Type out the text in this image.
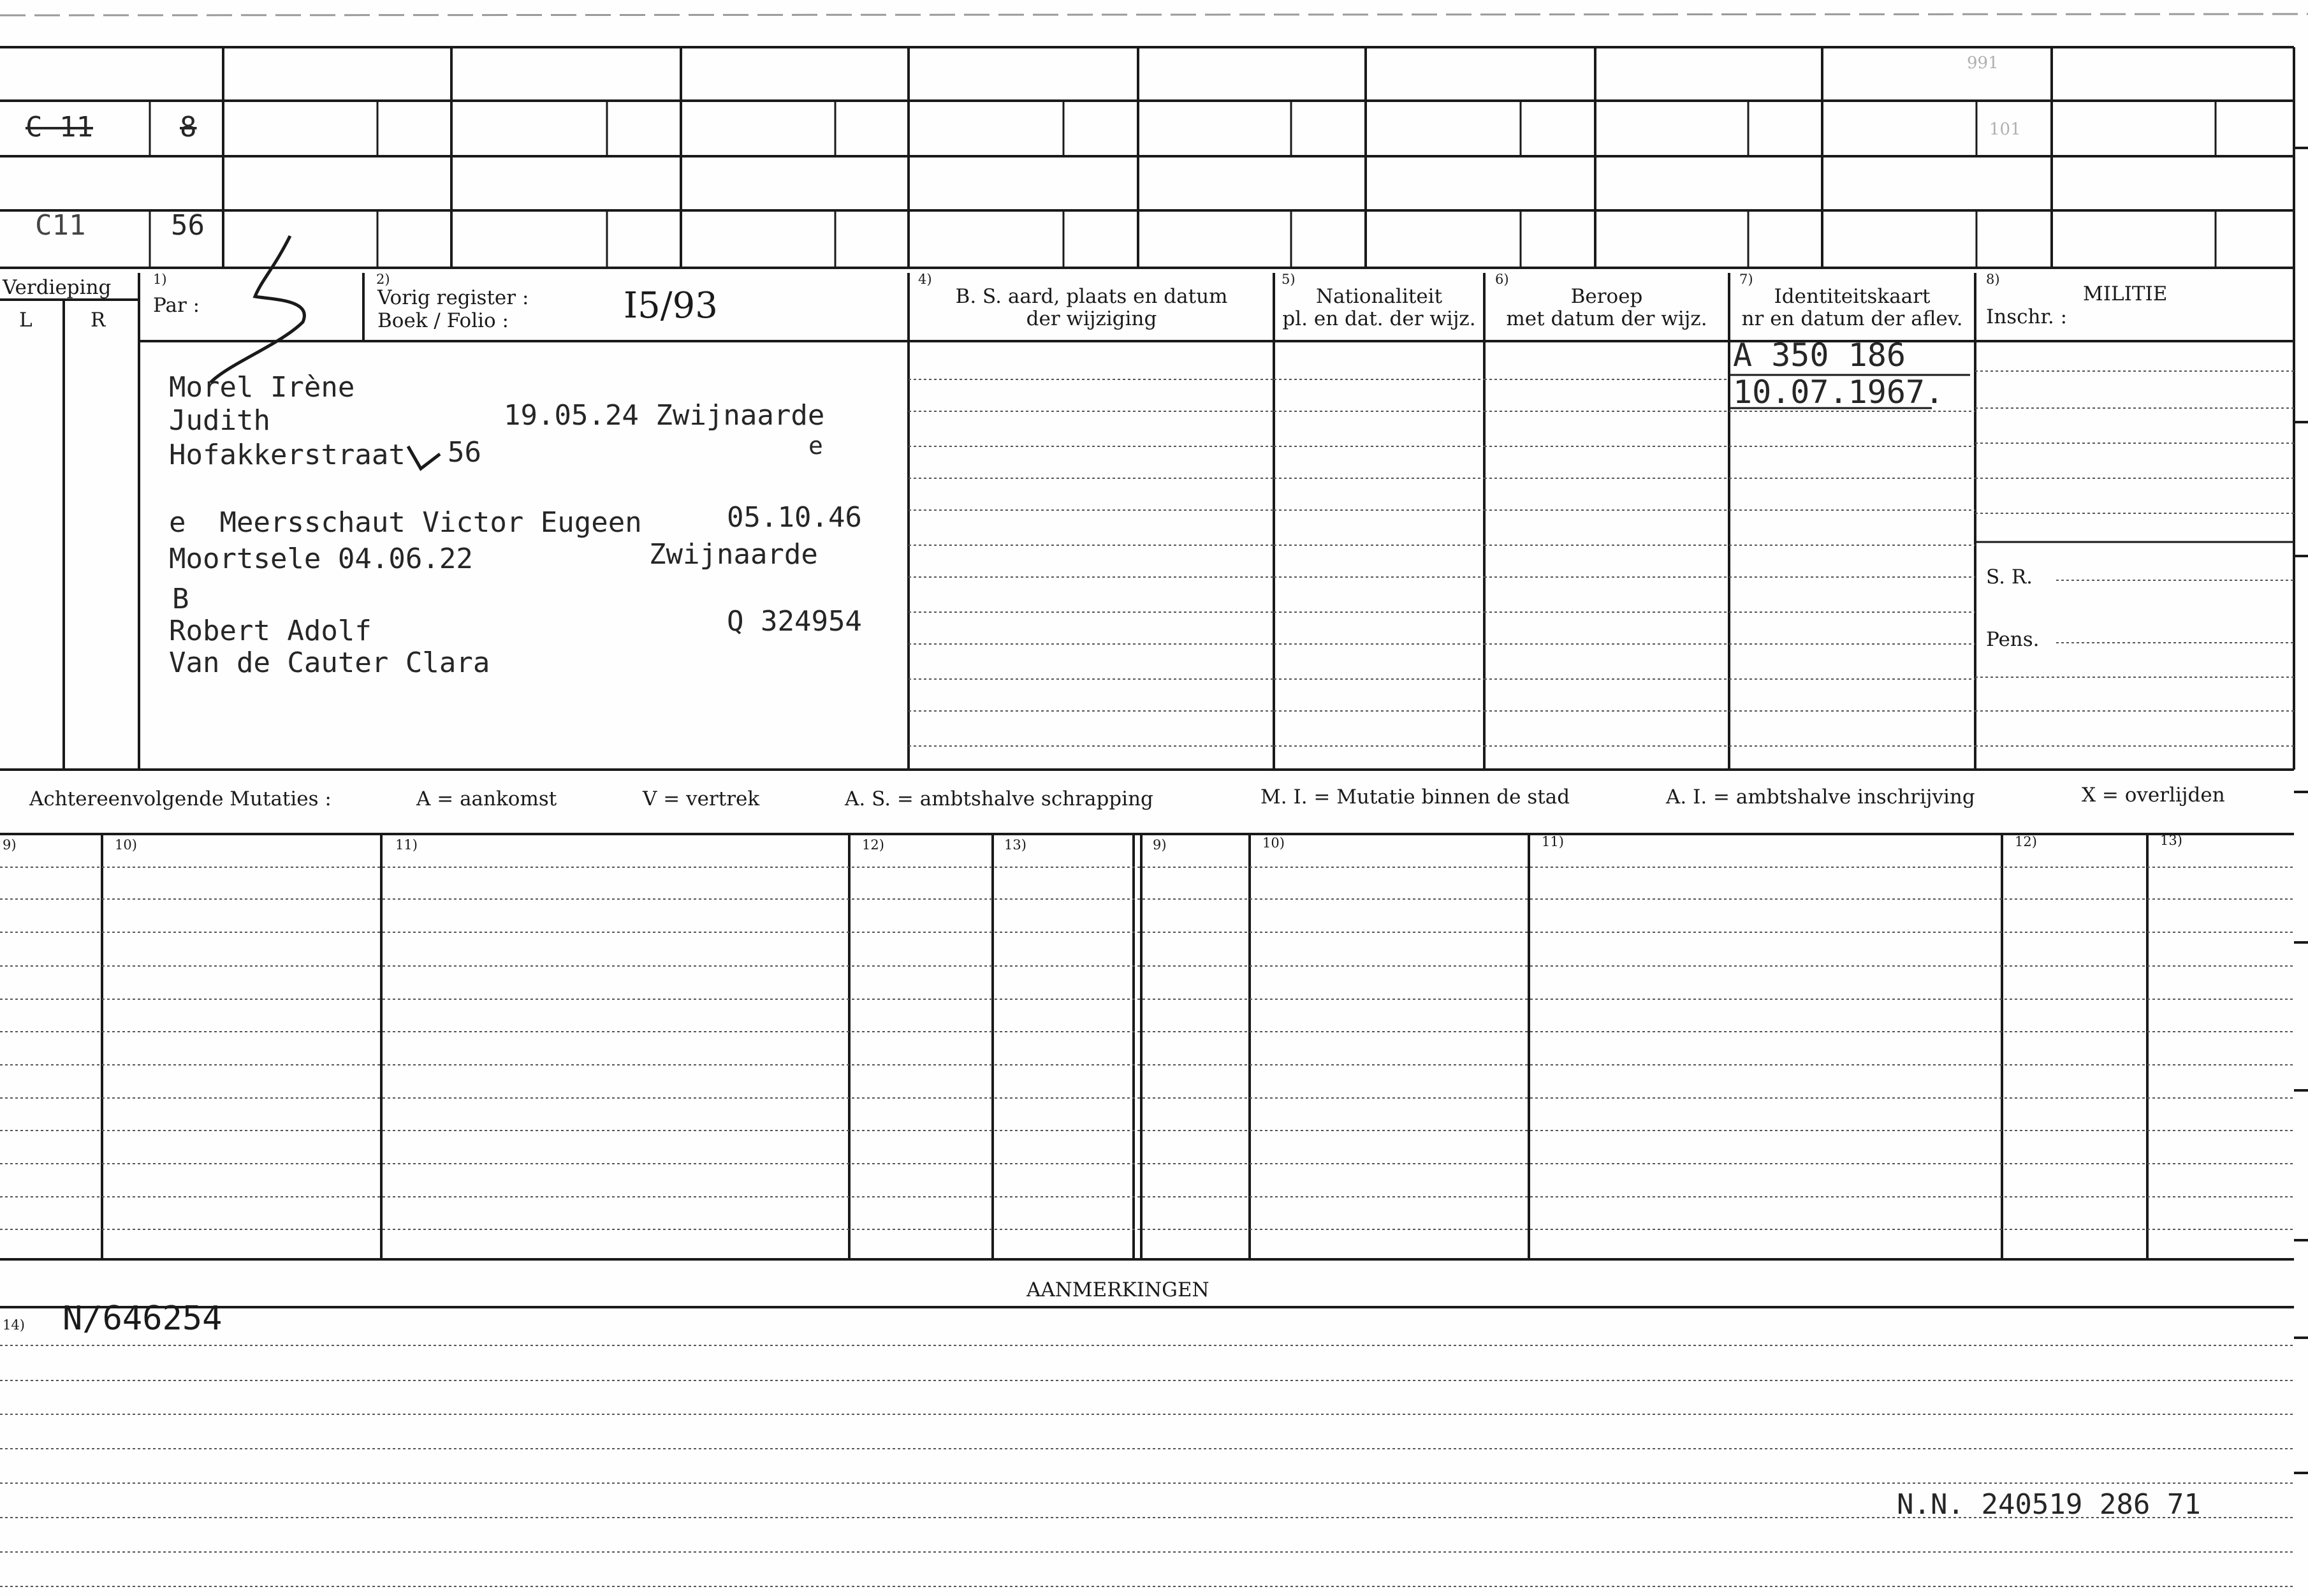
C 11	8
C11	56
991
101
Verdieping
L	R
1)
Par :
2)
Vorig register :
Boek / Folio :
4)
B. S. aard, plaats en datum
der wijziging
5)
Nationaliteit
pl. en dat. der wijz.
6)
Beroep
met datum der wijz.
7)
Identiteitskaart
nr en datum der aflev.
8)
MILITIE
Inschr. :
S. R.
Pens.
I5/93
Morel Irène
Judith	19.05.24 Zwijnaarde
Hofakkerstraat 56	e
e  Meersschaut Victor Eugeen	05.10.46
Moortsele 04.06.22	Zwijnaarde
B
Robert Adolf	Q 324954
Van de Cauter Clara
A 350 186
10.07.1967.
Achtereenvolgende Mutaties :	A = aankomst	V = vertrek	A. S. = ambtshalve schrapping	M. I. = Mutatie binnen de stad	A. I. = ambtshalve inschrijving	X = overlijden
9)	10)	11)	12)	13)	9)	10)	11)	12)	13)
AANMERKINGEN
14) N/646254
N.N. 240519 286 71
